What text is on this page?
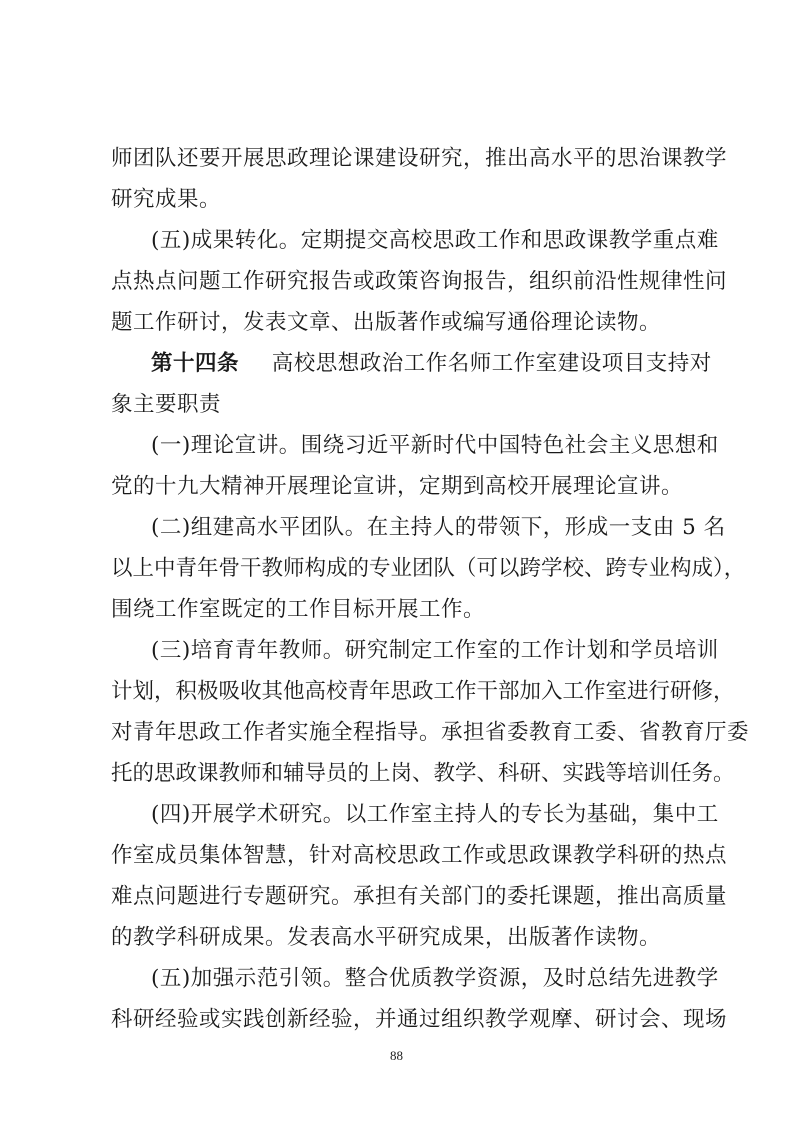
师团队还要开展思政理论课建设研究，推出高水平的思治课教学
研究成果。
(五)成果转化。定期提交高校思政工作和思政课教学重点难
点热点问题工作研究报告或政策咨询报告，组织前沿性规律性问
题工作研讨，发表文章、出版著作或编写通俗理论读物。
第十四条 高校思想政治工作名师工作室建设项目支持对
象主要职责
(一)理论宣讲。围绕习近平新时代中国特色社会主义思想和
党的十九大精神开展理论宣讲，定期到高校开展理论宣讲。
(二)组建高水平团队。在主持人的带领下，形成一支由 5 名
以上中青年骨干教师构成的专业团队（可以跨学校、跨专业构成），
围绕工作室既定的工作目标开展工作。
(三)培育青年教师。研究制定工作室的工作计划和学员培训
计划，积极吸收其他高校青年思政工作干部加入工作室进行研修，
对青年思政工作者实施全程指导。承担省委教育工委、省教育厅委
托的思政课教师和辅导员的上岗、教学、科研、实践等培训任务。
(四)开展学术研究。以工作室主持人的专长为基础，集中工
作室成员集体智慧，针对高校思政工作或思政课教学科研的热点
难点问题进行专题研究。承担有关部门的委托课题，推出高质量
的教学科研成果。发表高水平研究成果，出版著作读物。
(五)加强示范引领。整合优质教学资源，及时总结先进教学
科研经验或实践创新经验，并通过组织教学观摩、研讨会、现场
88
